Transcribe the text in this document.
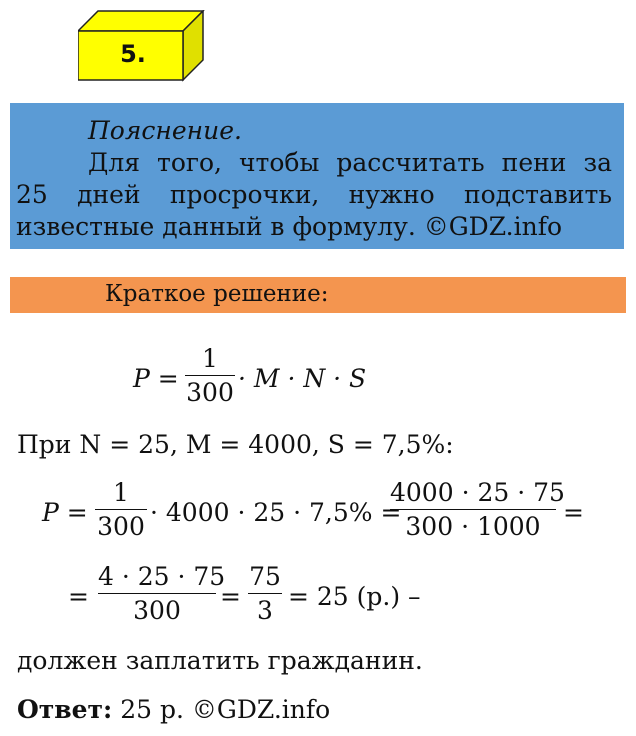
5.
Пояснение.
Для того, чтобы рассчитать пени за
25 дней просрочки, нужно подставить
известные данный в формулу. ©GDZ.info
Краткое решение:
P =
1
300 · M · N · S
При N = 25, M = 4000, S = 7,5%:
P =
1
300 · 4000 · 25 · 7,5% =
4000 · 25 · 75
300 · 1000 =
=
4 · 25 · 75
300	=
75
3 = 25 (р.) –
должен заплатить гражданин.
Ответ: 25 р. ©GDZ.info
